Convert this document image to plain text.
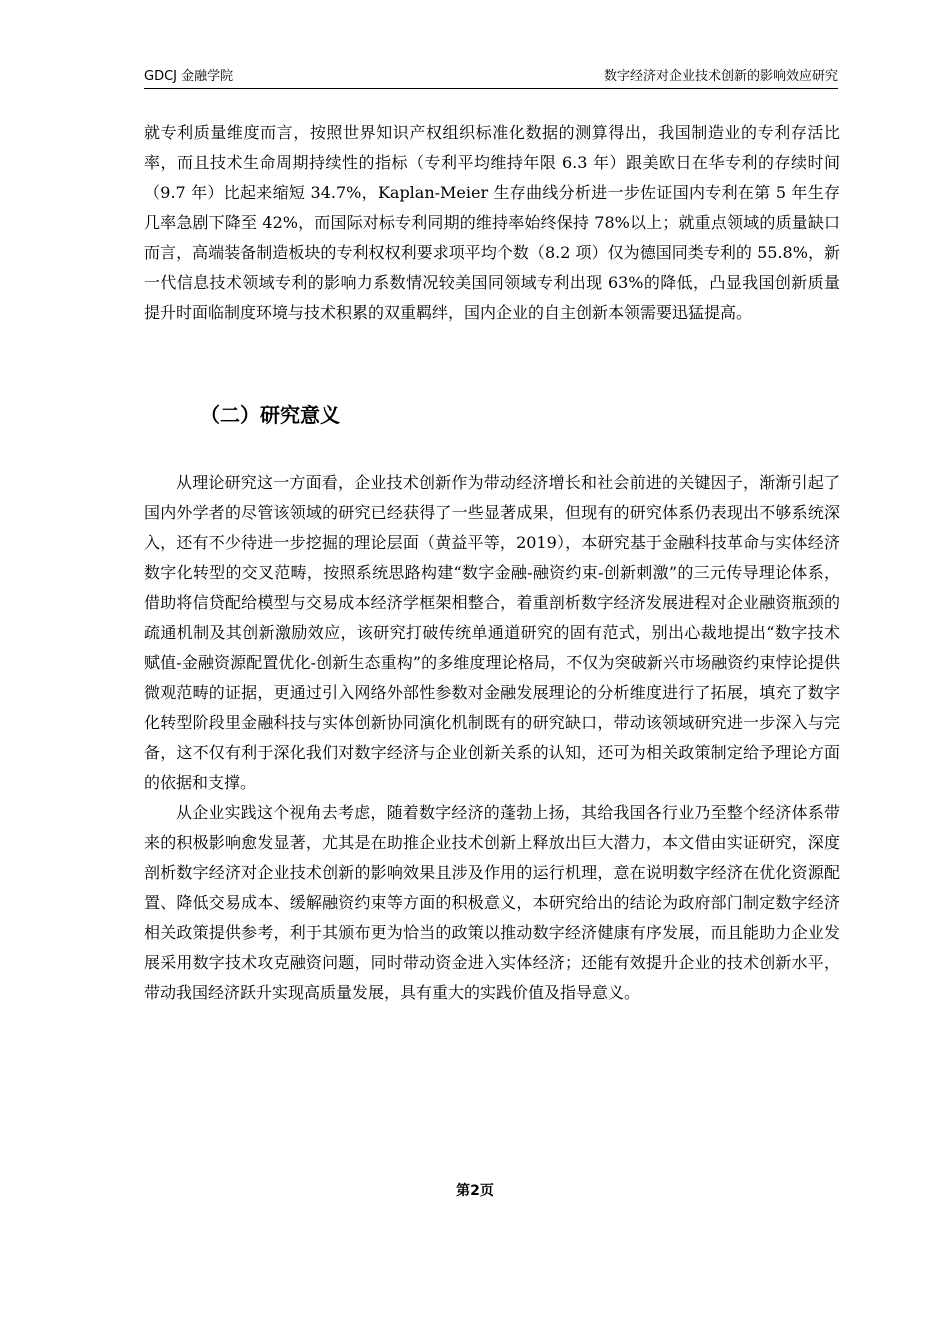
GDCJ 金融学院	数字经济对企业技术创新的影响效应研究

就专利质量维度而言，按照世界知识产权组织标准化数据的测算得出，我国制造业的专利存活比率，而且技术生命周期持续性的指标（专利平均维持年限 6.3 年）跟美欧日在华专利的存续时间（9.7 年）比起来缩短 34.7%，Kaplan-Meier 生存曲线分析进一步佐证国内专利在第 5 年生存几率急剧下降至 42%，而国际对标专利同期的维持率始终保持 78%以上；就重点领域的质量缺口而言，高端装备制造板块的专利权权利要求项平均个数（8.2 项）仅为德国同类专利的 55.8%，新一代信息技术领域专利的影响力系数情况较美国同领域专利出现 63%的降低，凸显我国创新质量提升时面临制度环境与技术积累的双重羁绊，国内企业的自主创新本领需要迅猛提高。

（二）研究意义

从理论研究这一方面看，企业技术创新作为带动经济增长和社会前进的关键因子，渐渐引起了国内外学者的尽管该领域的研究已经获得了一些显著成果，但现有的研究体系仍表现出不够系统深入，还有不少待进一步挖掘的理论层面（黄益平等，2019），本研究基于金融科技革命与实体经济数字化转型的交叉范畴，按照系统思路构建“数字金融-融资约束-创新刺激”的三元传导理论体系，借助将信贷配给模型与交易成本经济学框架相整合，着重剖析数字经济发展进程对企业融资瓶颈的疏通机制及其创新激励效应，该研究打破传统单通道研究的固有范式，别出心裁地提出“数字技术赋值-金融资源配置优化-创新生态重构”的多维度理论格局，不仅为突破新兴市场融资约束悖论提供微观范畴的证据，更通过引入网络外部性参数对金融发展理论的分析维度进行了拓展，填充了数字化转型阶段里金融科技与实体创新协同演化机制既有的研究缺口，带动该领域研究进一步深入与完备，这不仅有利于深化我们对数字经济与企业创新关系的认知，还可为相关政策制定给予理论方面的依据和支撑。

从企业实践这个视角去考虑，随着数字经济的蓬勃上扬，其给我国各行业乃至整个经济体系带来的积极影响愈发显著，尤其是在助推企业技术创新上释放出巨大潜力，本文借由实证研究，深度剖析数字经济对企业技术创新的影响效果且涉及作用的运行机理，意在说明数字经济在优化资源配置、降低交易成本、缓解融资约束等方面的积极意义，本研究给出的结论为政府部门制定数字经济相关政策提供参考，利于其颁布更为恰当的政策以推动数字经济健康有序发展，而且能助力企业发展采用数字技术攻克融资问题，同时带动资金进入实体经济；还能有效提升企业的技术创新水平，带动我国经济跃升实现高质量发展，具有重大的实践价值及指导意义。

第2页
